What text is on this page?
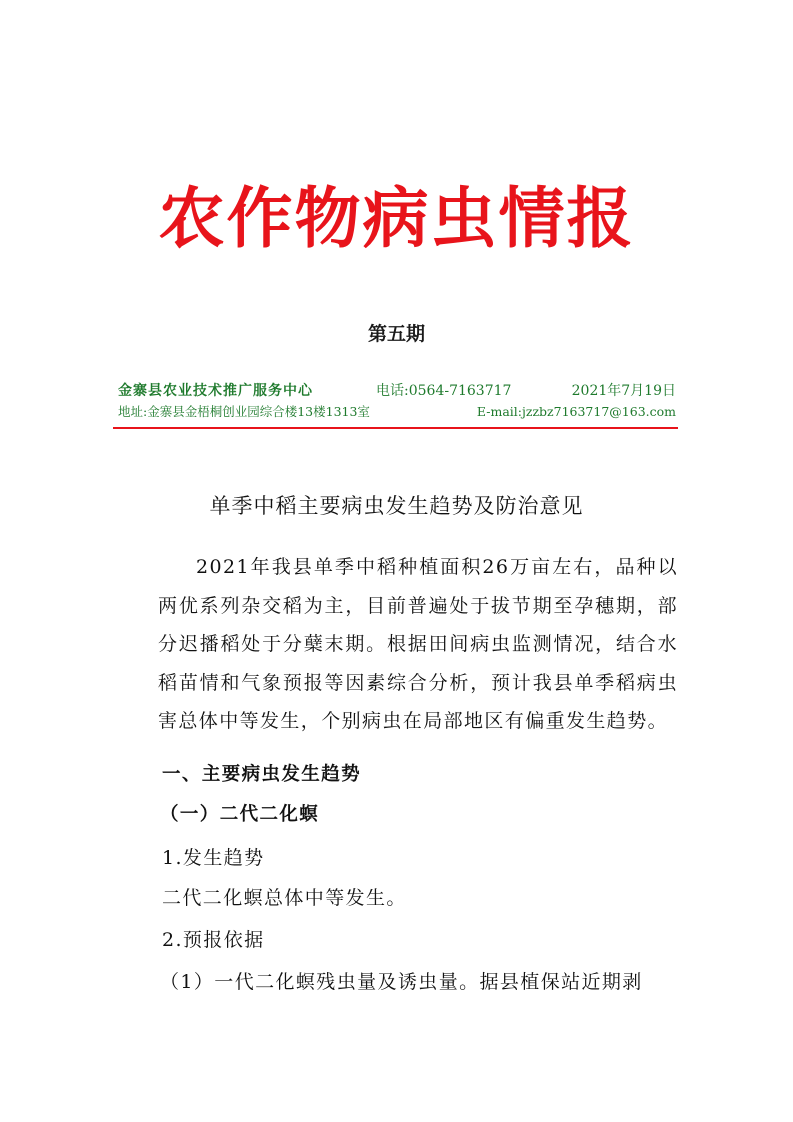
农作物病虫情报
第五期
金寨县农业技术推广服务中心	电话:0564-7163717	2021年7月19日
地址:金寨县金梧桐创业园综合楼13楼1313室	E-mail:jzzbz7163717@163.com
单季中稻主要病虫发生趋势及防治意见

2021年我县单季中稻种植面积26万亩左右，品种以两优系列杂交稻为主，目前普遍处于拔节期至孕穗期，部分迟播稻处于分蘖末期。根据田间病虫监测情况，结合水稻苗情和气象预报等因素综合分析，预计我县单季稻病虫害总体中等发生，个别病虫在局部地区有偏重发生趋势。

一、主要病虫发生趋势
（一）二代二化螟
1.发生趋势
二代二化螟总体中等发生。
2.预报依据
（1）一代二化螟残虫量及诱虫量。据县植保站近期剥
